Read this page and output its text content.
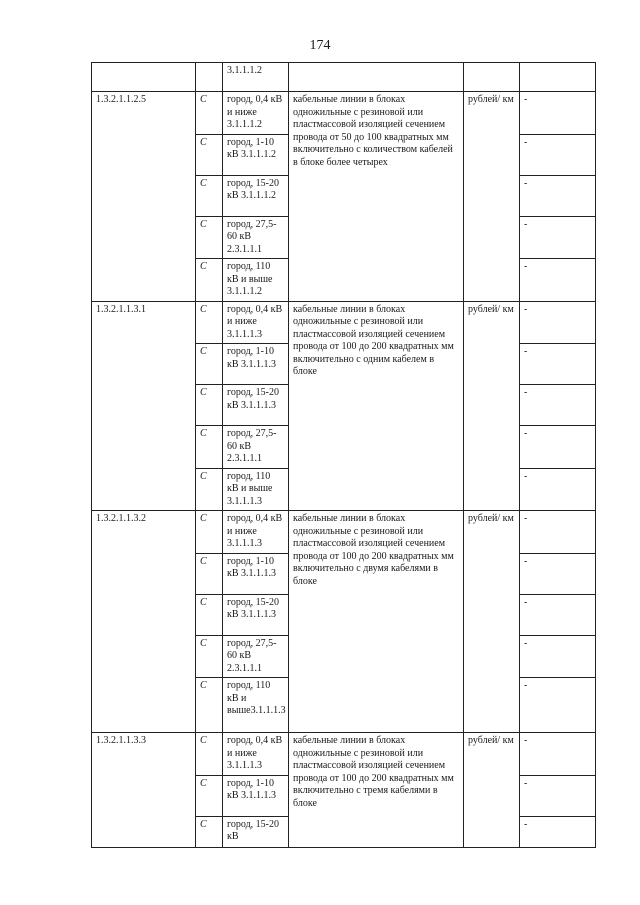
174
		3.1.1.1.2			
1.3.2.1.1.2.5	С	город, 0,4 кВ и ниже 3.1.1.1.2	кабельные линии в блоках одножильные с резиновой или пластмассовой изоляцией сечением провода от 50 до 100 квадратных мм включительно с количеством кабелей в блоке более четырех	рублей/ км	-
	С	город, 1-10 кВ 3.1.1.1.2			-
	С	город, 15-20 кВ 3.1.1.1.2			-
	С	город, 27,5-60 кВ 2.3.1.1.1			-
	С	город, 110 кВ и выше 3.1.1.1.2			-
1.3.2.1.1.3.1	С	город, 0,4 кВ и ниже 3.1.1.1.3	кабельные линии в блоках одножильные с резиновой или пластмассовой изоляцией сечением провода от 100 до 200 квадратных мм включительно с одним кабелем в блоке	рублей/ км	-
	С	город, 1-10 кВ 3.1.1.1.3			-
	С	город, 15-20 кВ 3.1.1.1.3			-
	С	город, 27,5-60 кВ 2.3.1.1.1			-
	С	город, 110 кВ и выше 3.1.1.1.3			-
1.3.2.1.1.3.2	С	город, 0,4 кВ и ниже 3.1.1.1.3	кабельные линии в блоках одножильные с резиновой или пластмассовой изоляцией сечением провода от 100 до 200 квадратных мм включительно с двумя кабелями в блоке	рублей/ км	-
	С	город, 1-10 кВ 3.1.1.1.3			-
	С	город, 15-20 кВ 3.1.1.1.3			-
	С	город, 27,5-60 кВ 2.3.1.1.1			-
	С	город, 110 кВ и выше3.1.1.1.3			-
1.3.2.1.1.3.3	С	город, 0,4 кВ и ниже 3.1.1.1.3	кабельные линии в блоках одножильные с резиновой или пластмассовой изоляцией сечением провода от 100 до 200 квадратных мм включительно с тремя кабелями в блоке	рублей/ км	-
	С	город, 1-10 кВ 3.1.1.1.3			-
	С	город, 15-20 кВ			-
